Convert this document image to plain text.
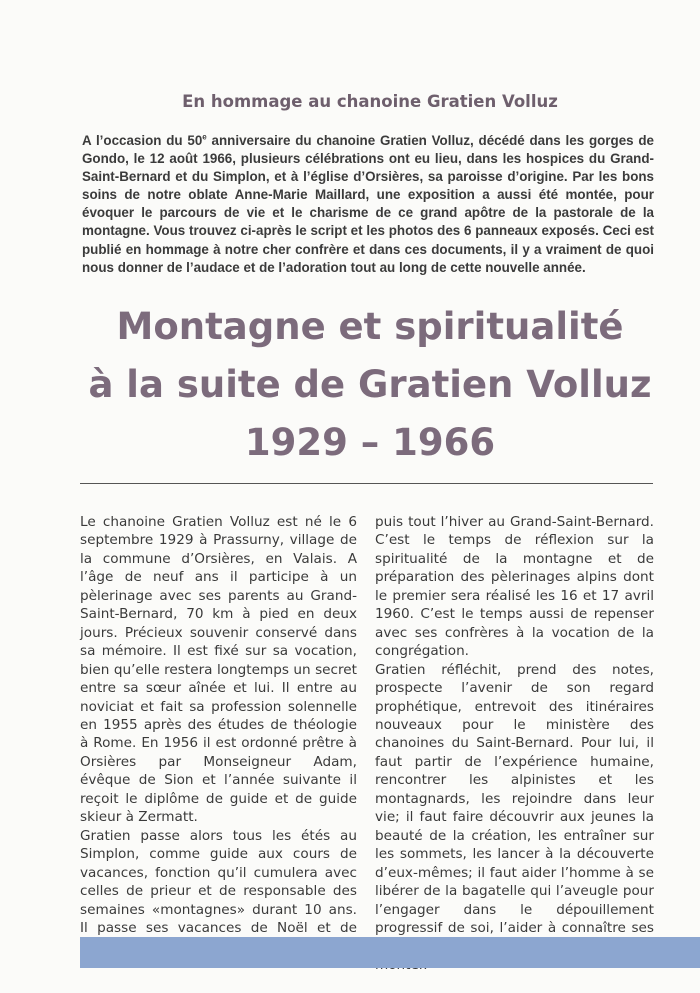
En hommage au chanoine Gratien Volluz

A l’occasion du 50e anniversaire du chanoine Gratien Volluz, décédé dans les gorges de Gondo, le 12 août 1966, plusieurs célébrations ont eu lieu, dans les hospices du Grand-Saint-Bernard et du Simplon, et à l’église d’Orsières, sa paroisse d’origine. Par les bons soins de notre oblate Anne-Marie Maillard, une exposition a aussi été montée, pour évoquer le parcours de vie et le charisme de ce grand apôtre de la pastorale de la montagne. Vous trouvez ci-après le script et les photos des 6 panneaux exposés. Ceci est publié en hommage à notre cher confrère et dans ces documents, il y a vraiment de quoi nous donner de l’audace et de l’adoration tout au long de cette nouvelle année.

Montagne et spiritualité
à la suite de Gratien Volluz
1929 – 1966

Le chanoine Gratien Volluz est né le 6 septembre 1929 à Prassurny, village de la commune d’Orsières, en Valais. A l’âge de neuf ans il participe à un pèlerinage avec ses parents au Grand-Saint-Bernard, 70 km à pied en deux jours. Précieux souvenir conservé dans sa mémoire. Il est fixé sur sa vocation, bien qu’elle restera longtemps un secret entre sa sœur aînée et lui. Il entre au noviciat et fait sa profession solennelle en 1955 après des études de théologie à Rome. En 1956 il est ordonné prêtre à Orsières par Monseigneur Adam, évêque de Sion et l’année suivante il reçoit le diplôme de guide et de guide skieur à Zermatt.

Gratien passe alors tous les étés au Simplon, comme guide aux cours de vacances, fonction qu’il cumulera avec celles de prieur et de responsable des semaines «montagnes» durant 10 ans. Il passe ses vacances de Noël et de

puis tout l’hiver au Grand-Saint-Bernard. C’est le temps de réflexion sur la spiritualité de la montagne et de préparation des pèlerinages alpins dont le premier sera réalisé les 16 et 17 avril 1960. C’est le temps aussi de repenser avec ses confrères à la vocation de la congrégation.

Gratien réfléchit, prend des notes, prospecte l’avenir de son regard prophétique, entrevoit des itinéraires nouveaux pour le ministère des chanoines du Saint-Bernard. Pour lui, il faut partir de l’expérience humaine, rencontrer les alpinistes et les montagnards, les rejoindre dans leur vie; il faut faire découvrir aux jeunes la beauté de la création, les entraîner sur les sommets, les lancer à la découverte d’eux-mêmes; il faut aider l’homme à se libérer de la bagatelle qui l’aveugle pour l’engager dans le dépouillement progressif de soi, l’aider à connaître ses
